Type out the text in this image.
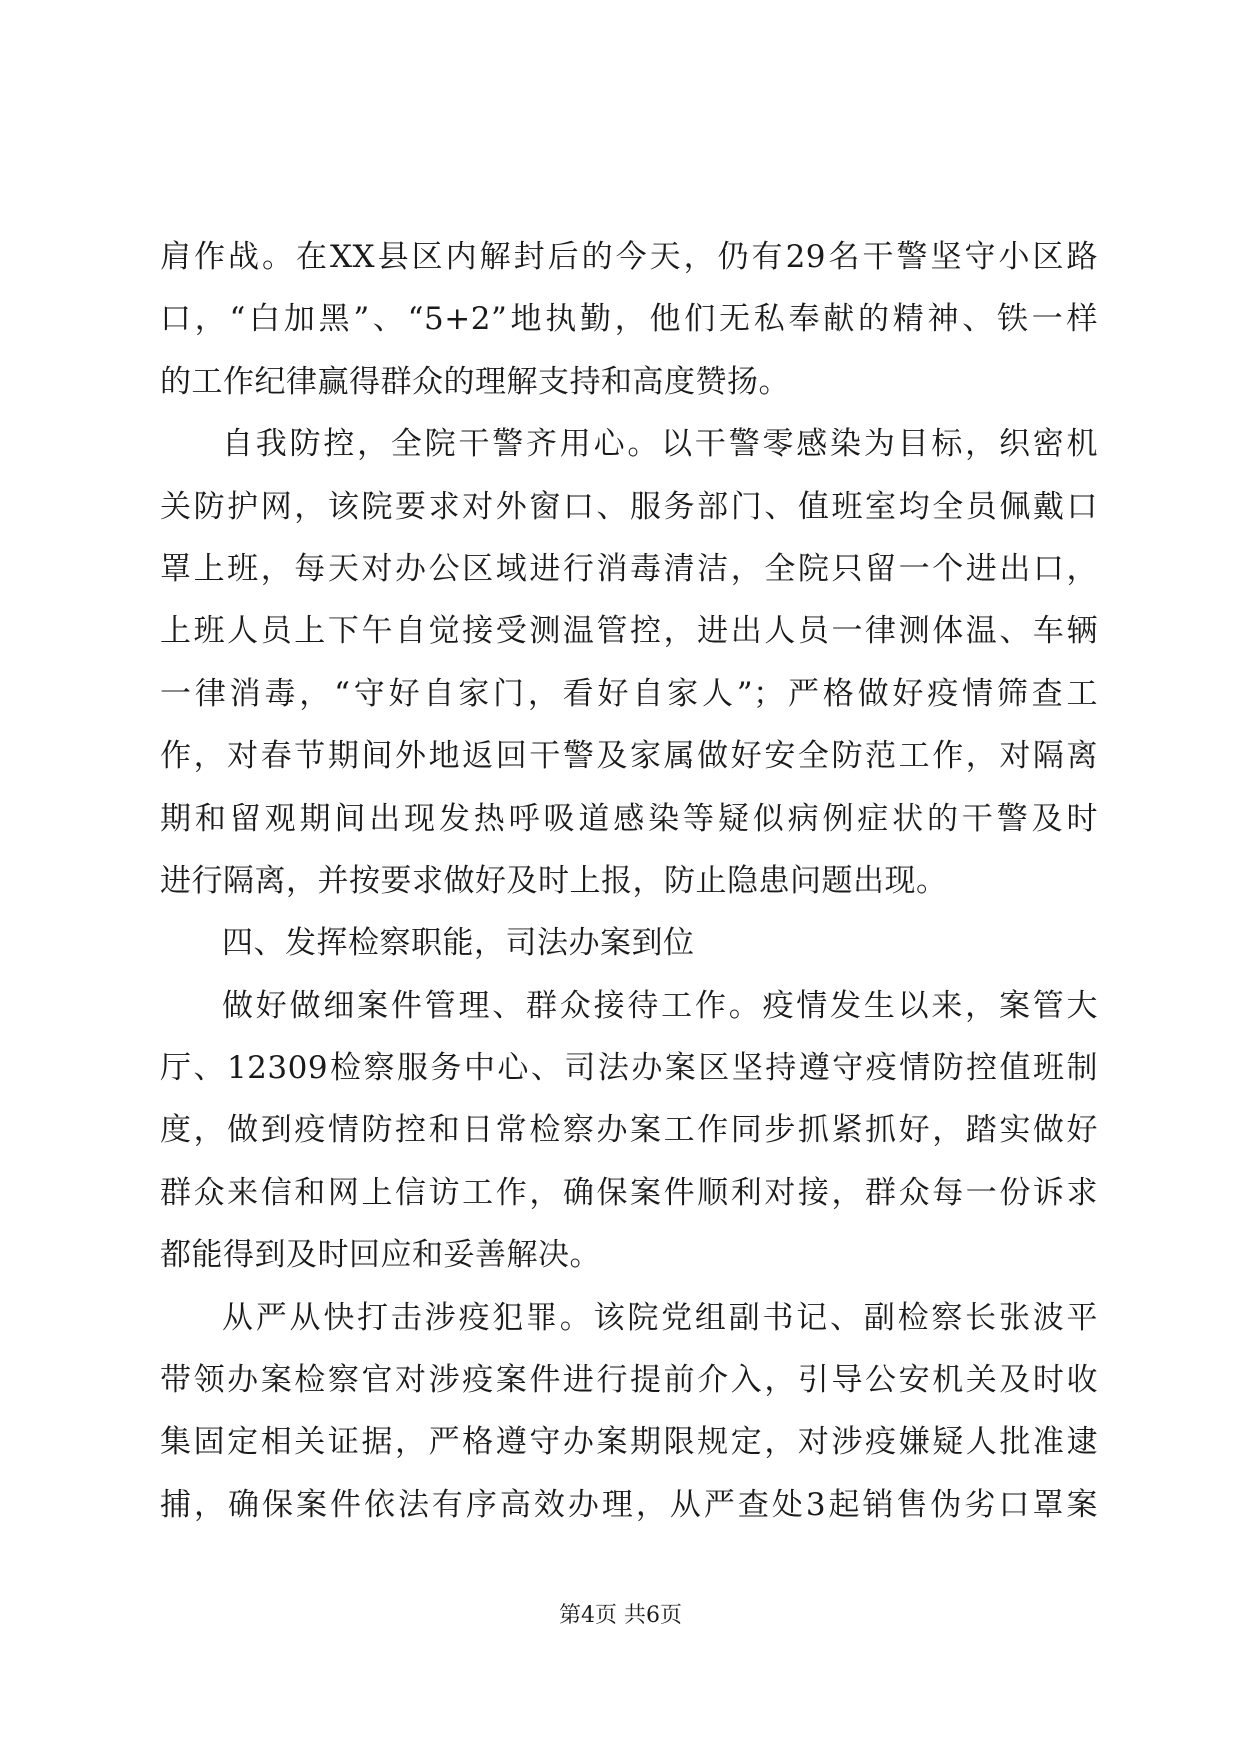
肩作战。在XX县区内解封后的今天，仍有29名干警坚守小区路
口，“白加黑”、“5+2”地执勤，他们无私奉献的精神、铁一样
的工作纪律赢得群众的理解支持和高度赞扬。
自我防控，全院干警齐用心。以干警零感染为目标，织密机
关防护网，该院要求对外窗口、服务部门、值班室均全员佩戴口
罩上班，每天对办公区域进行消毒清洁，全院只留一个进出口，
上班人员上下午自觉接受测温管控，进出人员一律测体温、车辆
一律消毒，“守好自家门，看好自家人”；严格做好疫情筛查工
作，对春节期间外地返回干警及家属做好安全防范工作，对隔离
期和留观期间出现发热呼吸道感染等疑似病例症状的干警及时
进行隔离，并按要求做好及时上报，防止隐患问题出现。
四、发挥检察职能，司法办案到位
做好做细案件管理、群众接待工作。疫情发生以来，案管大
厅、12309检察服务中心、司法办案区坚持遵守疫情防控值班制
度，做到疫情防控和日常检察办案工作同步抓紧抓好，踏实做好
群众来信和网上信访工作，确保案件顺利对接，群众每一份诉求
都能得到及时回应和妥善解决。
从严从快打击涉疫犯罪。该院党组副书记、副检察长张波平
带领办案检察官对涉疫案件进行提前介入，引导公安机关及时收
集固定相关证据，严格遵守办案期限规定，对涉疫嫌疑人批准逮
捕，确保案件依法有序高效办理，从严查处3起销售伪劣口罩案
第4页 共6页
